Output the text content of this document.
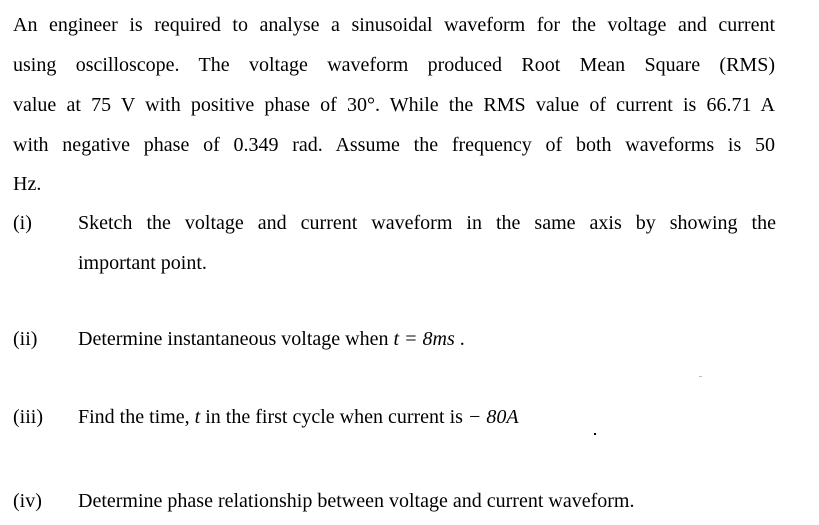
An engineer is required to analyse a sinusoidal waveform for the voltage and current
using oscilloscope. The voltage waveform produced Root Mean Square (RMS)
value at 75 V with positive phase of 30°. While the RMS value of current is 66.71 A
with negative phase of 0.349 rad. Assume the frequency of both waveforms is 50
Hz.
(i) Sketch the voltage and current waveform in the same axis by showing the
important point.
(ii) Determine instantaneous voltage when t = 8ms .
(iii) Find the time, t in the first cycle when current is − 80A
(iv) Determine phase relationship between voltage and current waveform.
